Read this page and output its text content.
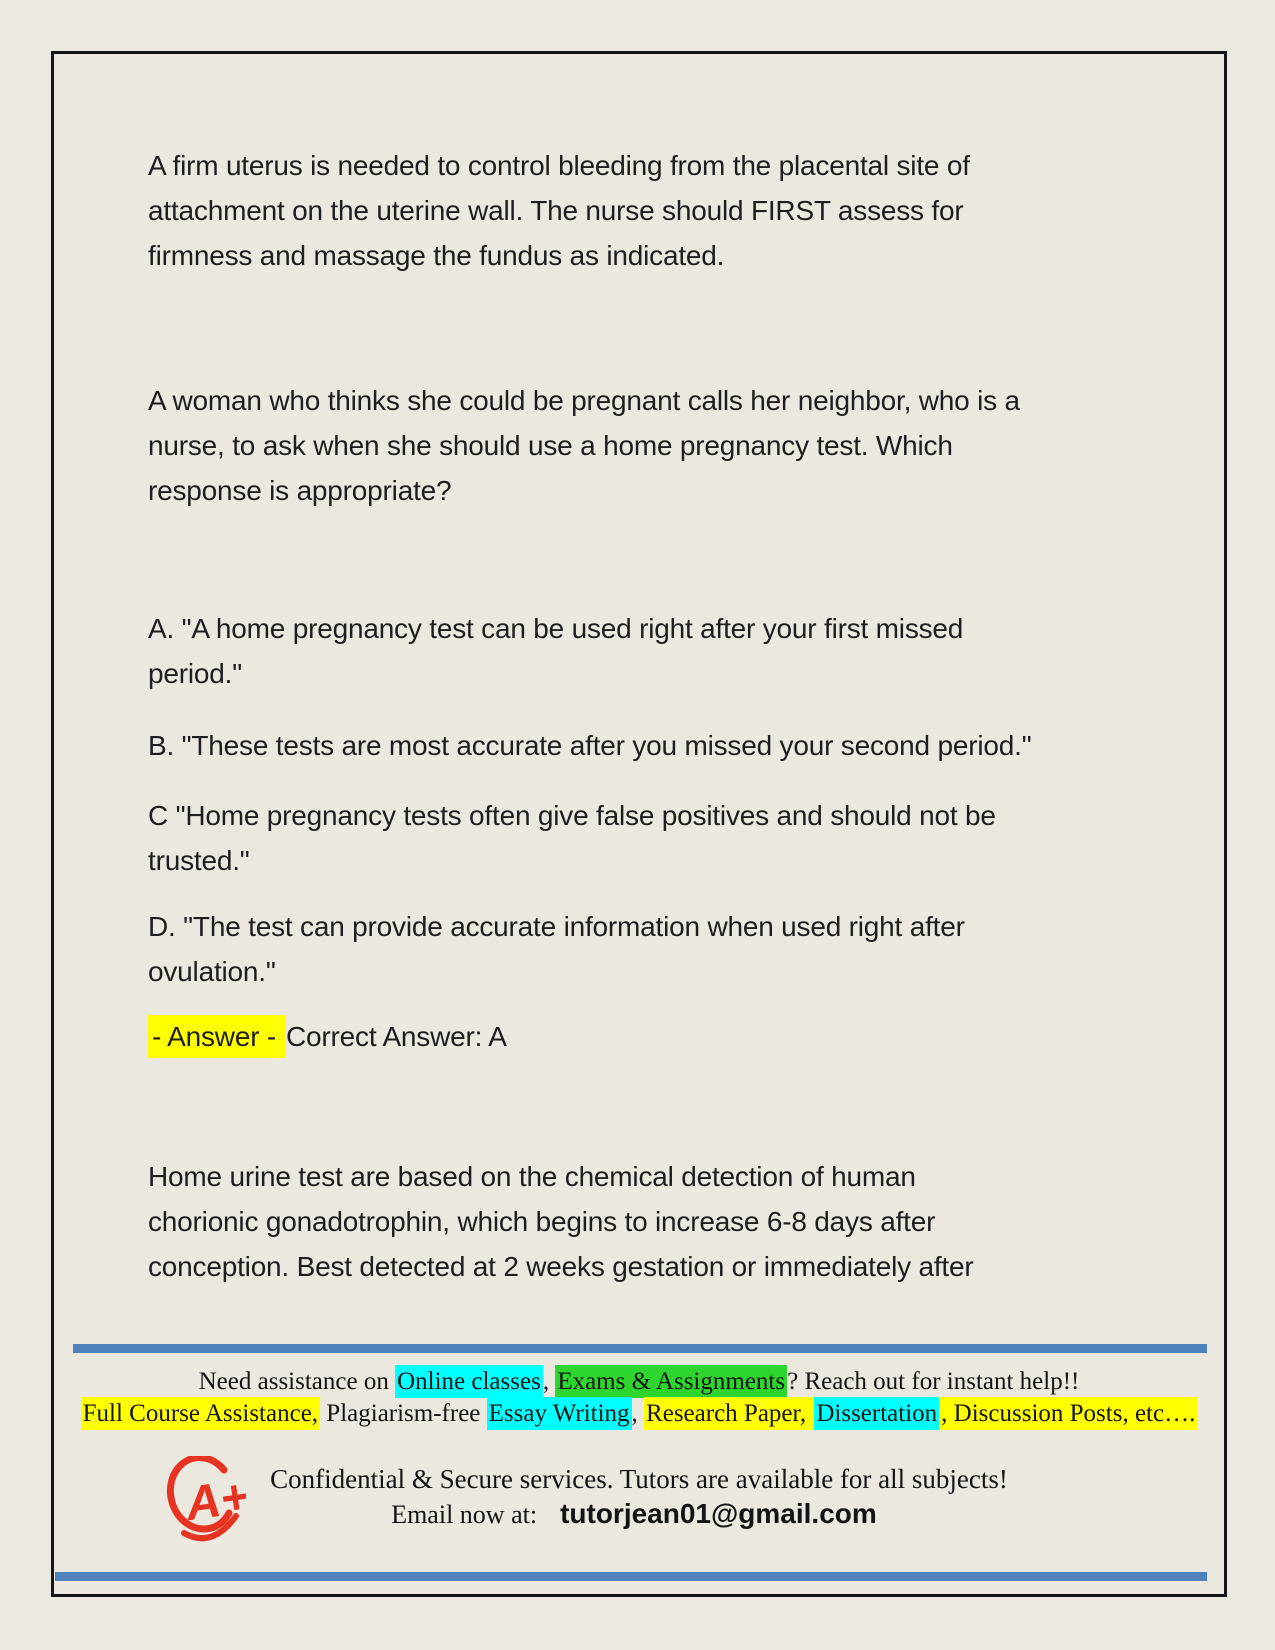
A firm uterus is needed to control bleeding from the placental site of
attachment on the uterine wall. The nurse should FIRST assess for
firmness and massage the fundus as indicated.
A woman who thinks she could be pregnant calls her neighbor, who is a
nurse, to ask when she should use a home pregnancy test. Which
response is appropriate?
A. "A home pregnancy test can be used right after your first missed
period."
B. "These tests are most accurate after you missed your second period."
C "Home pregnancy tests often give false positives and should not be
trusted."
D. "The test can provide accurate information when used right after
ovulation."
- Answer - Correct Answer: A
Home urine test are based on the chemical detection of human
chorionic gonadotrophin, which begins to increase 6-8 days after
conception. Best detected at 2 weeks gestation or immediately after
Need assistance on Online classes, Exams & Assignments? Reach out for instant help!!
Full Course Assistance, Plagiarism-free Essay Writing, Research Paper, Dissertation , Discussion Posts, etc….
A+ Confidential & Secure services. Tutors are available for all subjects!
Email now at: tutorjean01@gmail.com
